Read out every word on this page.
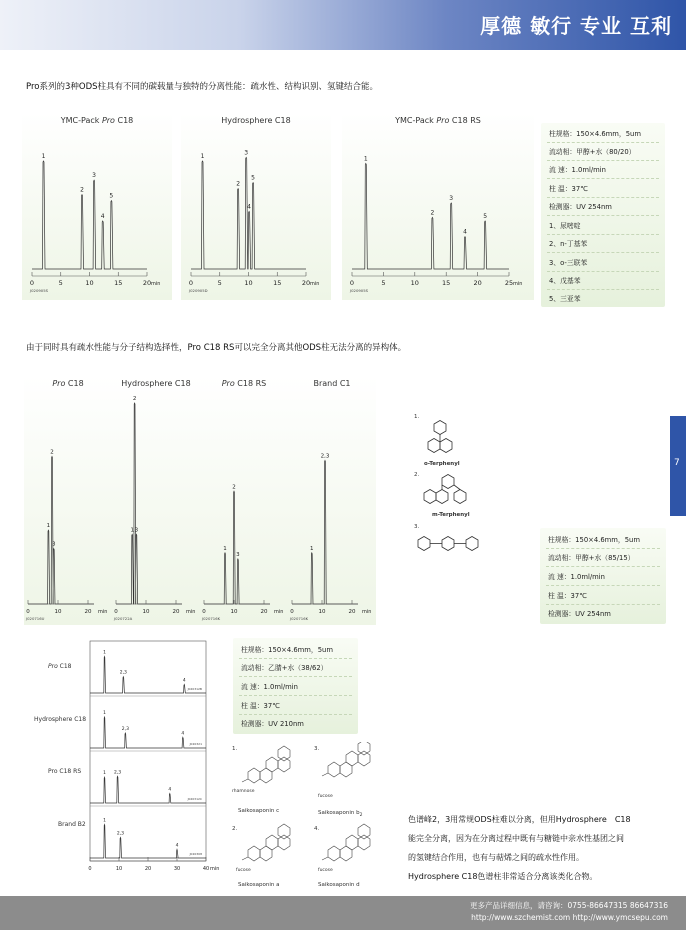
厚德 敏行 专业 互利
Pro系列的3种ODS柱具有不同的碳载量与独特的分离性能：疏水性、结构识别、氢键结合能。
YMC-Pack Pro C18
1
2
3
4
5
0	5	10	15	20 min
J020905S
Hydrosphere C18
1
2
3
4
5
0	5	10	15	20 min
J020905D
YMC-Pack Pro C18 RS
1
2
3
4
5
0	5	10	15	20	25 min
J020905S
柱规格：150×4.6mm，5um
流动相：甲醇+水（80/20）
流 速：1.0ml/min
柱 温：37℃
检测器：UV 254nm
1、尿嘧啶
2、n-丁基苯
3、o-三联苯
4、戊基苯
5、三亚苯
由于同时具有疏水性能与分子结构选择性，Pro C18 RS可以完全分离其他ODS柱无法分离的异构体。
Pro C18	Hydrosphere C18	Pro C18 RS	Brand C1
1
2
3
0	10	20 min
J020716U
1
2
3
0	10	20 min
J020722A
1
2
3
0	10	20 min
J020716K
1
2,3
0	10	20 min
J020716K
1.
o-Terphenyl
2.
m-Terphenyl
3.
柱规格：150×4.6mm，5um
流动相：甲醇+水（85/15）
流 速：1.0ml/min
柱 温：37℃
检测器：UV 254nm
7
Pro C18
Hydrosphere C18
Pro C18 RS
Brand B2
1
2,3
4
J020312B
1
2,3
4
J020321
1 2,3
4
J020312C
1
2,3
4
J020308
0	10	20	30	40 min
柱规格：150×4.6mm，5um
流动相：乙腈+水（38/62）
流 速：1.0ml/min
柱 温：37℃
检测器：UV 210nm
1.
rhamnose
Saikosaponin c
3.
fucose
Saikosaponin $b_2$
2.
fucose
Saikosaponin a
4.
fucose
Saikosaponin d
色谱峰2，3用常规ODS柱难以分离，但用Hydrosphere　C18
能完全分离，因为在分离过程中既有与糖链中亲水性基团之间
的氢键结合作用，也有与萜烯之间的疏水性作用。
Hydrosphere C18色谱柱非常适合分离该类化合物。
更多产品详细信息，请咨询：0755-86647315 86647316
http://www.szchemist.com http://www.ymcsepu.com
